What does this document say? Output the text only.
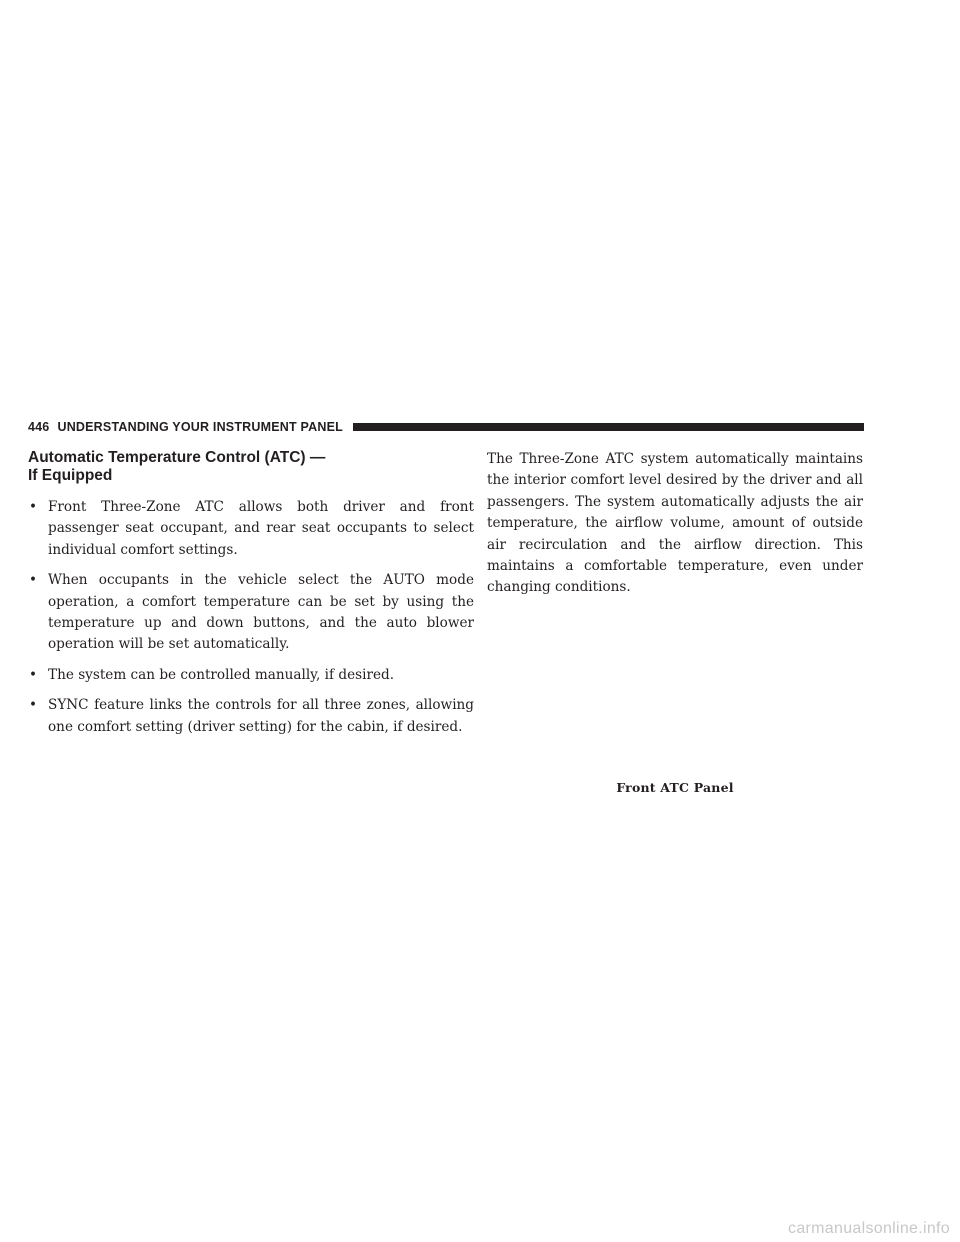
446 UNDERSTANDING YOUR INSTRUMENT PANEL
Automatic Temperature Control (ATC) —
If Equipped
• Front Three-Zone ATC allows both driver and front passenger seat occupant, and rear seat occupants to select individual comfort settings.
• When occupants in the vehicle select the AUTO mode operation, a comfort temperature can be set by using the temperature up and down buttons, and the auto blower operation will be set automatically.
• The system can be controlled manually, if desired.
• SYNC feature links the controls for all three zones, allowing one comfort setting (driver setting) for the cabin, if desired.

The Three-Zone ATC system automatically maintains the interior comfort level desired by the driver and all passengers. The system automatically adjusts the air temperature, the airflow volume, amount of outside air recirculation and the airflow direction. This maintains a comfortable temperature, even under changing conditions.

Front ATC Panel
carmanualsonline.info
